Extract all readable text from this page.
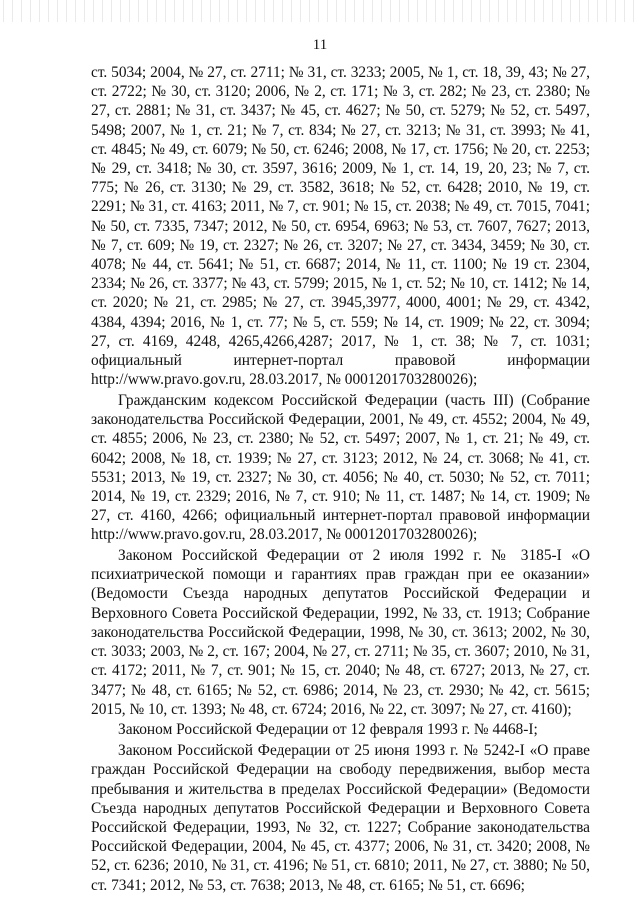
11

ст. 5034; 2004, № 27, ст. 2711; № 31, ст. 3233; 2005, № 1, ст. 18, 39, 43; № 27, ст. 2722; № 30, ст. 3120; 2006, № 2, ст. 171; № 3, ст. 282; № 23, ст. 2380; № 27, ст. 2881; № 31, ст. 3437; № 45, ст. 4627; № 50, ст. 5279; № 52, ст. 5497, 5498; 2007, № 1, ст. 21; № 7, ст. 834; № 27, ст. 3213; № 31, ст. 3993; № 41, ст. 4845; № 49, ст. 6079; № 50, ст. 6246; 2008, № 17, ст. 1756; № 20, ст. 2253; № 29, ст. 3418; № 30, ст. 3597, 3616; 2009, № 1, ст. 14, 19, 20, 23; № 7, ст. 775; № 26, ст. 3130; № 29, ст. 3582, 3618; № 52, ст. 6428; 2010, № 19, ст. 2291; № 31, ст. 4163; 2011, № 7, ст. 901; № 15, ст. 2038; № 49, ст. 7015, 7041; № 50, ст. 7335, 7347; 2012, № 50, ст. 6954, 6963; № 53, ст. 7607, 7627; 2013, № 7, ст. 609; № 19, ст. 2327; № 26, ст. 3207; № 27, ст. 3434, 3459; № 30, ст. 4078; № 44, ст. 5641; № 51, ст. 6687; 2014, № 11, ст. 1100; № 19 ст. 2304, 2334; № 26, ст. 3377; № 43, ст. 5799; 2015, № 1, ст. 52; № 10, ст. 1412; № 14, ст. 2020; № 21, ст. 2985; № 27, ст. 3945,3977, 4000, 4001; № 29, ст. 4342, 4384, 4394; 2016, № 1, ст. 77; № 5, ст. 559; № 14, ст. 1909; № 22, ст. 3094; 27, ст. 4169, 4248, 4265,4266,4287; 2017, № 1, ст. 38; № 7, ст. 1031; официальный интернет-портал правовой информации http://www.pravo.gov.ru, 28.03.2017, № 0001201703280026);

Гражданским кодексом Российской Федерации (часть III) (Собрание законодательства Российской Федерации, 2001, № 49, ст. 4552; 2004, № 49, ст. 4855; 2006, № 23, ст. 2380; № 52, ст. 5497; 2007, № 1, ст. 21; № 49, ст. 6042; 2008, № 18, ст. 1939; № 27, ст. 3123; 2012, № 24, ст. 3068; № 41, ст. 5531; 2013, № 19, ст. 2327; № 30, ст. 4056; № 40, ст. 5030; № 52, ст. 7011; 2014, № 19, ст. 2329; 2016, № 7, ст. 910; № 11, ст. 1487; № 14, ст. 1909; № 27, ст. 4160, 4266; официальный интернет-портал правовой информации http://www.pravo.gov.ru, 28.03.2017, № 0001201703280026);

Законом Российской Федерации от 2 июля 1992 г. № 3185-I «О психиатрической помощи и гарантиях прав граждан при ее оказании» (Ведомости Съезда народных депутатов Российской Федерации и Верховного Совета Российской Федерации, 1992, № 33, ст. 1913; Собрание законодательства Российской Федерации, 1998, № 30, ст. 3613; 2002, № 30, ст. 3033; 2003, № 2, ст. 167; 2004, № 27, ст. 2711; № 35, ст. 3607; 2010, № 31, ст. 4172; 2011, № 7, ст. 901; № 15, ст. 2040; № 48, ст. 6727; 2013, № 27, ст. 3477; № 48, ст. 6165; № 52, ст. 6986; 2014, № 23, ст. 2930; № 42, ст. 5615; 2015, № 10, ст. 1393; № 48, ст. 6724; 2016, № 22, ст. 3097; № 27, ст. 4160);

Законом Российской Федерации от 12 февраля 1993 г. № 4468-I;

Законом Российской Федерации от 25 июня 1993 г. № 5242-I «О праве граждан Российской Федерации на свободу передвижения, выбор места пребывания и жительства в пределах Российской Федерации» (Ведомости Съезда народных депутатов Российской Федерации и Верховного Совета Российской Федерации, 1993, № 32, ст. 1227; Собрание законодательства Российской Федерации, 2004, № 45, ст. 4377; 2006, № 31, ст. 3420; 2008, № 52, ст. 6236; 2010, № 31, ст. 4196; № 51, ст. 6810; 2011, № 27, ст. 3880; № 50, ст. 7341; 2012, № 53, ст. 7638; 2013, № 48, ст. 6165; № 51, ст. 6696;
